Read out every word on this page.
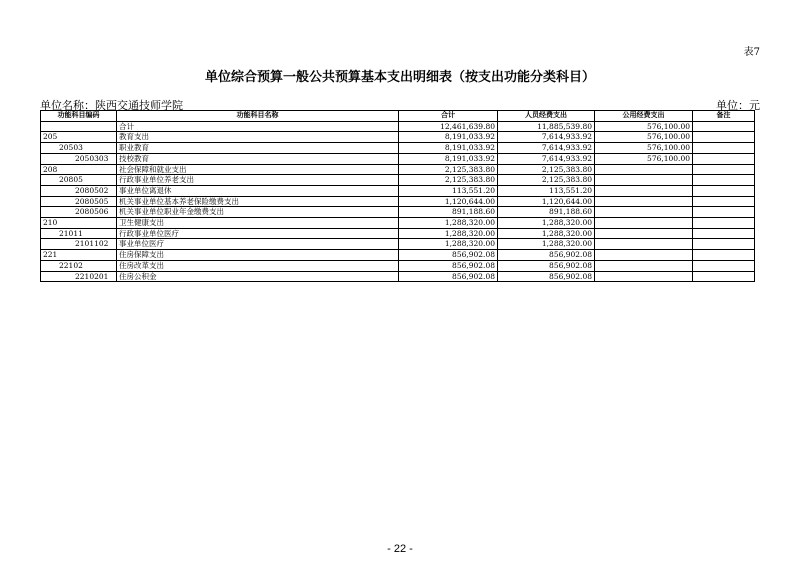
表7
单位综合预算一般公共预算基本支出明细表（按支出功能分类科目）
单位名称：陕西交通技师学院	单位：元
功能科目编码	功能科目名称	合计	人员经费支出	公用经费支出	备注
	合计	12,461,639.80	11,885,539.80	576,100.00	
205	教育支出	8,191,033.92	7,614,933.92	576,100.00	
20503	职业教育	8,191,033.92	7,614,933.92	576,100.00	
2050303	技校教育	8,191,033.92	7,614,933.92	576,100.00	
208	社会保障和就业支出	2,125,383.80	2,125,383.80		
20805	行政事业单位养老支出	2,125,383.80	2,125,383.80		
2080502	事业单位离退休	113,551.20	113,551.20		
2080505	机关事业单位基本养老保险缴费支出	1,120,644.00	1,120,644.00		
2080506	机关事业单位职业年金缴费支出	891,188.60	891,188.60		
210	卫生健康支出	1,288,320.00	1,288,320.00		
21011	行政事业单位医疗	1,288,320.00	1,288,320.00		
2101102	事业单位医疗	1,288,320.00	1,288,320.00		
221	住房保障支出	856,902.08	856,902.08		
22102	住房改革支出	856,902.08	856,902.08		
2210201	住房公积金	856,902.08	856,902.08		
- 22 -
